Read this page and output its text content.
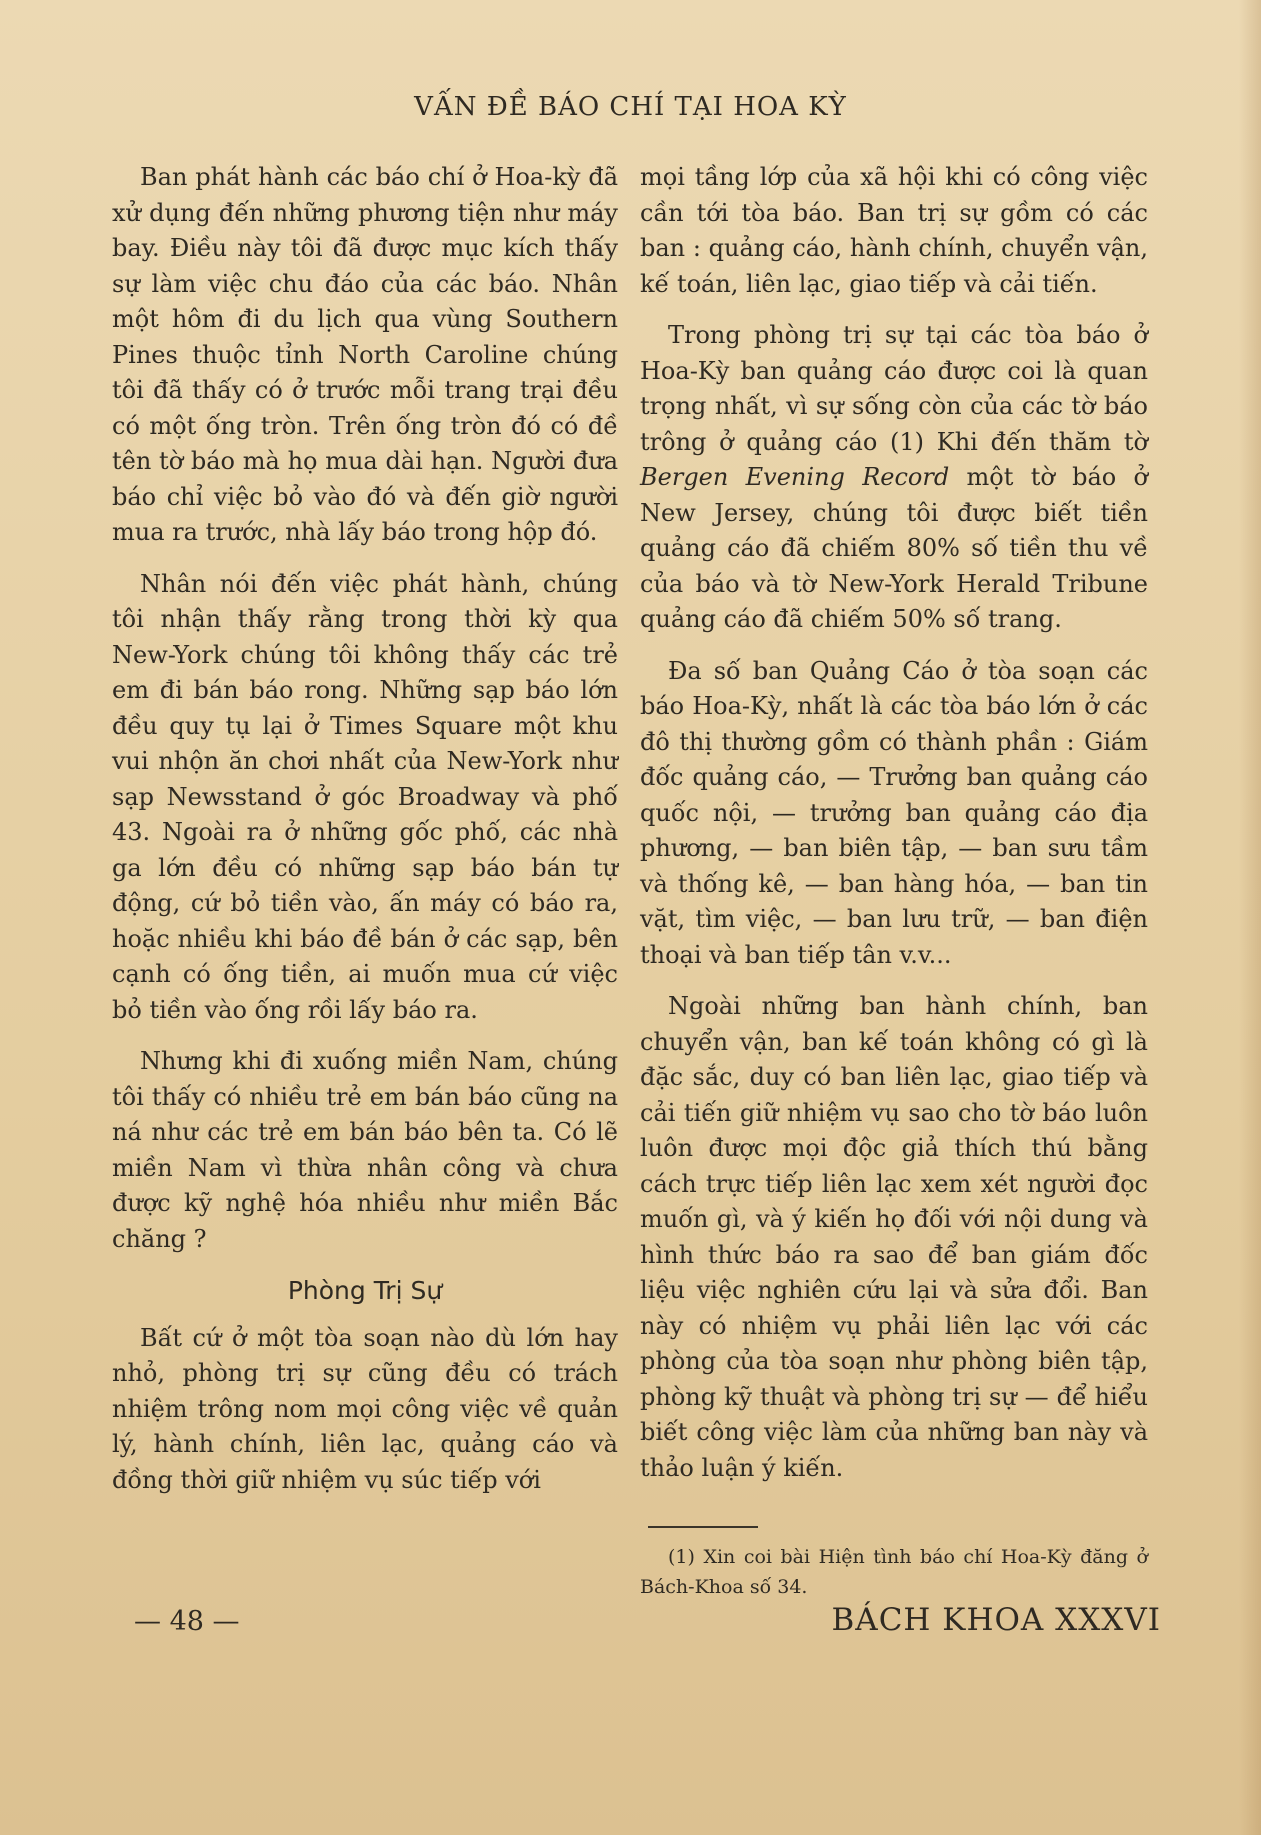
VẤN ĐỀ BÁO CHÍ TẠI HOA KỲ

Ban phát hành các báo chí ở Hoa-kỳ đã xử dụng đến những phương tiện như máy bay. Điều này tôi đã được mục kích thấy sự làm việc chu đáo của các báo. Nhân một hôm đi du lịch qua vùng Southern Pines thuộc tỉnh North Caroline chúng tôi đã thấy có ở trước mỗi trang trại đều có một ống tròn. Trên ống tròn đó có đề tên tờ báo mà họ mua dài hạn. Người đưa báo chỉ việc bỏ vào đó và đến giờ người mua ra trước, nhà lấy báo trong hộp đó.

Nhân nói đến việc phát hành, chúng tôi nhận thấy rằng trong thời kỳ qua New-York chúng tôi không thấy các trẻ em đi bán báo rong. Những sạp báo lớn đều quy tụ lại ở Times Square một khu vui nhộn ăn chơi nhất của New-York như sạp Newsstand ở góc Broadway và phố 43. Ngoài ra ở những gốc phố, các nhà ga lớn đều có những sạp báo bán tự động, cứ bỏ tiền vào, ấn máy có báo ra, hoặc nhiều khi báo đề bán ở các sạp, bên cạnh có ống tiền, ai muốn mua cứ việc bỏ tiền vào ống rồi lấy báo ra.

Nhưng khi đi xuống miền Nam, chúng tôi thấy có nhiều trẻ em bán báo cũng na ná như các trẻ em bán báo bên ta. Có lẽ miền Nam vì thừa nhân công và chưa được kỹ nghệ hóa nhiều như miền Bắc chăng ?

Phòng Trị Sự

Bất cứ ở một tòa soạn nào dù lớn hay nhỏ, phòng trị sự cũng đều có trách nhiệm trông nom mọi công việc về quản lý, hành chính, liên lạc, quảng cáo và đồng thời giữ nhiệm vụ súc tiếp với

mọi tầng lớp của xã hội khi có công việc cần tới tòa báo. Ban trị sự gồm có các ban : quảng cáo, hành chính, chuyển vận, kế toán, liên lạc, giao tiếp và cải tiến.

Trong phòng trị sự tại các tòa báo ở Hoa-Kỳ ban quảng cáo được coi là quan trọng nhất, vì sự sống còn của các tờ báo trông ở quảng cáo (1) Khi đến thăm tờ Bergen Evening Record một tờ báo ở New Jersey, chúng tôi được biết tiền quảng cáo đã chiếm 80% số tiền thu về của báo và tờ New-York Herald Tribune quảng cáo đã chiếm 50% số trang.

Đa số ban Quảng Cáo ở tòa soạn các báo Hoa-Kỳ, nhất là các tòa báo lớn ở các đô thị thường gồm có thành phần : Giám đốc quảng cáo, — Trưởng ban quảng cáo quốc nội, — trưởng ban quảng cáo địa phương, — ban biên tập, — ban sưu tầm và thống kê, — ban hàng hóa, — ban tin vặt, tìm việc, — ban lưu trữ, — ban điện thoại và ban tiếp tân v.v...

Ngoài những ban hành chính, ban chuyển vận, ban kế toán không có gì là đặc sắc, duy có ban liên lạc, giao tiếp và cải tiến giữ nhiệm vụ sao cho tờ báo luôn luôn được mọi độc giả thích thú bằng cách trực tiếp liên lạc xem xét người đọc muốn gì, và ý kiến họ đối với nội dung và hình thức báo ra sao để ban giám đốc liệu việc nghiên cứu lại và sửa đổi. Ban này có nhiệm vụ phải liên lạc với các phòng của tòa soạn như phòng biên tập, phòng kỹ thuật và phòng trị sự — để hiểu biết công việc làm của những ban này và thảo luận ý kiến.

(1) Xin coi bài Hiện tình báo chí Hoa-Kỳ đăng ở Bách-Khoa số 34.

— 48 —	BÁCH KHOA XXXVI
